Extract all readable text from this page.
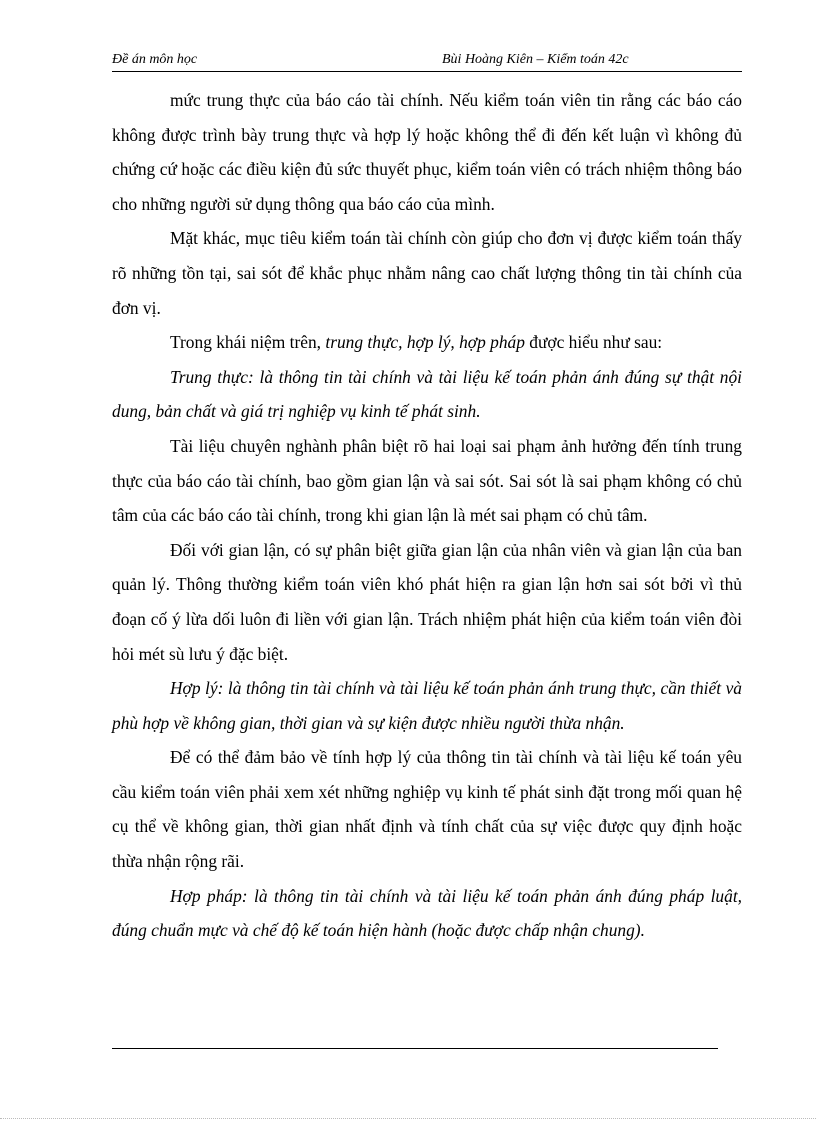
Đề án môn học	Bùi Hoàng Kiên – Kiểm toán 42c

mức trung thực của báo cáo tài chính. Nếu kiểm toán viên tin rằng các báo cáo không được trình bày trung thực và hợp lý hoặc không thể đi đến kết luận vì không đủ chứng cứ hoặc các điều kiện đủ sức thuyết phục, kiểm toán viên có trách nhiệm thông báo cho những người sử dụng thông qua báo cáo của mình.

Mặt khác, mục tiêu kiểm toán tài chính còn giúp cho đơn vị được kiểm toán thấy rõ những tồn tại, sai sót để khắc phục nhằm nâng cao chất lượng thông tin tài chính của đơn vị.

Trong khái niệm trên, trung thực, hợp lý, hợp pháp được hiểu như sau:

Trung thực: là thông tin tài chính và tài liệu kế toán phản ánh đúng sự thật nội dung, bản chất và giá trị nghiệp vụ kinh tế phát sinh.

Tài liệu chuyên nghành phân biệt rõ hai loại sai phạm ảnh hưởng đến tính trung thực của báo cáo tài chính, bao gồm gian lận và sai sót. Sai sót là sai phạm không có chủ tâm của các báo cáo tài chính, trong khi gian lận là mét sai phạm có chủ tâm.

Đối với gian lận, có sự phân biệt giữa gian lận của nhân viên và gian lận của ban quản lý. Thông thường kiểm toán viên khó phát hiện ra gian lận hơn sai sót bởi vì thủ đoạn cố ý lừa dối luôn đi liền với gian lận. Trách nhiệm phát hiện của kiểm toán viên đòi hỏi mét sù lưu ý đặc biệt.

Hợp lý: là thông tin tài chính và tài liệu kế toán phản ánh trung thực, cần thiết và phù hợp về không gian, thời gian và sự kiện được nhiều người thừa nhận.

Để có thể đảm bảo về tính hợp lý của thông tin tài chính và tài liệu kế toán yêu cầu kiểm toán viên phải xem xét những nghiệp vụ kinh tế phát sinh đặt trong mối quan hệ cụ thể về không gian, thời gian nhất định và tính chất của sự việc được quy định hoặc thừa nhận rộng rãi.

Hợp pháp: là thông tin tài chính và tài liệu kế toán phản ánh đúng pháp luật, đúng chuẩn mực và chế độ kế toán hiện hành (hoặc được chấp nhận chung).
